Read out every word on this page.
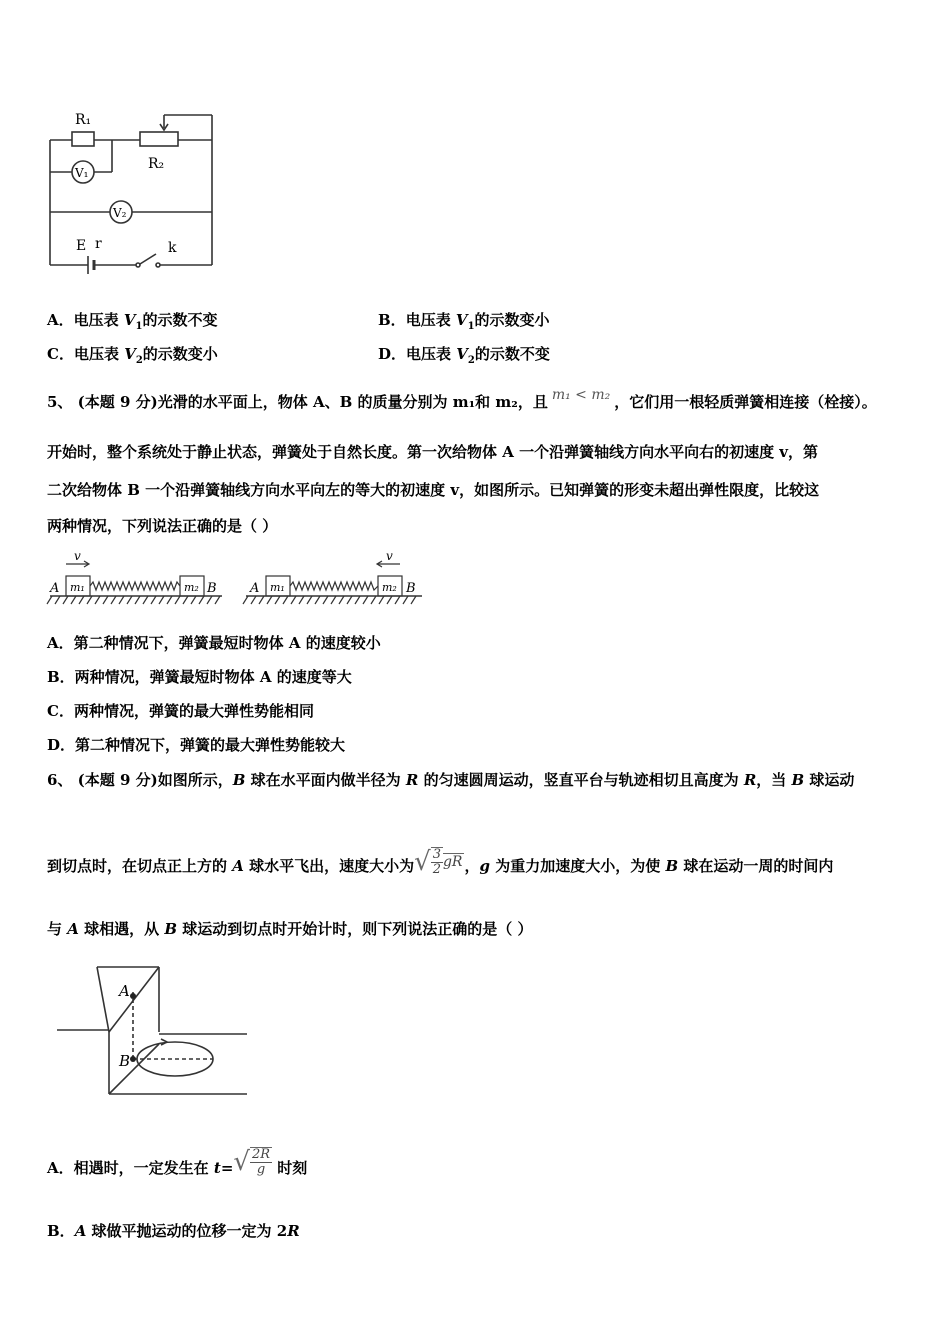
R₁
R₂
V₁
V₂
E r	k
A．电压表 $V_1$的示数不变	B．电压表 $V_1$的示数变小
C．电压表 $V_2$的示数变小	D．电压表 $V_2$的示数不变
5、 (本题 9 分)光滑的水平面上，物体 A、B 的质量分别为 m₁和 m₂，且 m₁ < m₂ ，它们用一根轻质弹簧相连接（栓接）。
开始时，整个系统处于静止状态，弹簧处于自然长度。第一次给物体 A 一个沿弹簧轴线方向水平向右的初速度 v，第
二次给物体 B 一个沿弹簧轴线方向水平向左的等大的初速度 v，如图所示。已知弹簧的形变未超出弹性限度，比较这
两种情况，下列说法正确的是（ ）
A m₁	m₂ B
v
A m₁	m₂ B
v
A．第二种情况下，弹簧最短时物体 A 的速度较小
B．两种情况，弹簧最短时物体 A 的速度等大
C．两种情况，弹簧的最大弹性势能相同
D．第二种情况下，弹簧的最大弹性势能较大
6、 (本题 9 分)如图所示，B 球在水平面内做半径为 R 的匀速圆周运动，竖直平台与轨迹相切且高度为 R，当 B 球运动
到切点时，在切点正上方的 A 球水平飞出，速度大小为√ $\frac{3}{2}$ gR ，g 为重力加速度大小，为使 B 球在运动一周的时间内
与 A 球相遇，从 B 球运动到切点时开始计时，则下列说法正确的是（ ）
A
B
A．相遇时，一定发生在 $t=√ \frac{2R}{g}$ 时刻
B．A 球做平抛运动的位移一定为 2R
